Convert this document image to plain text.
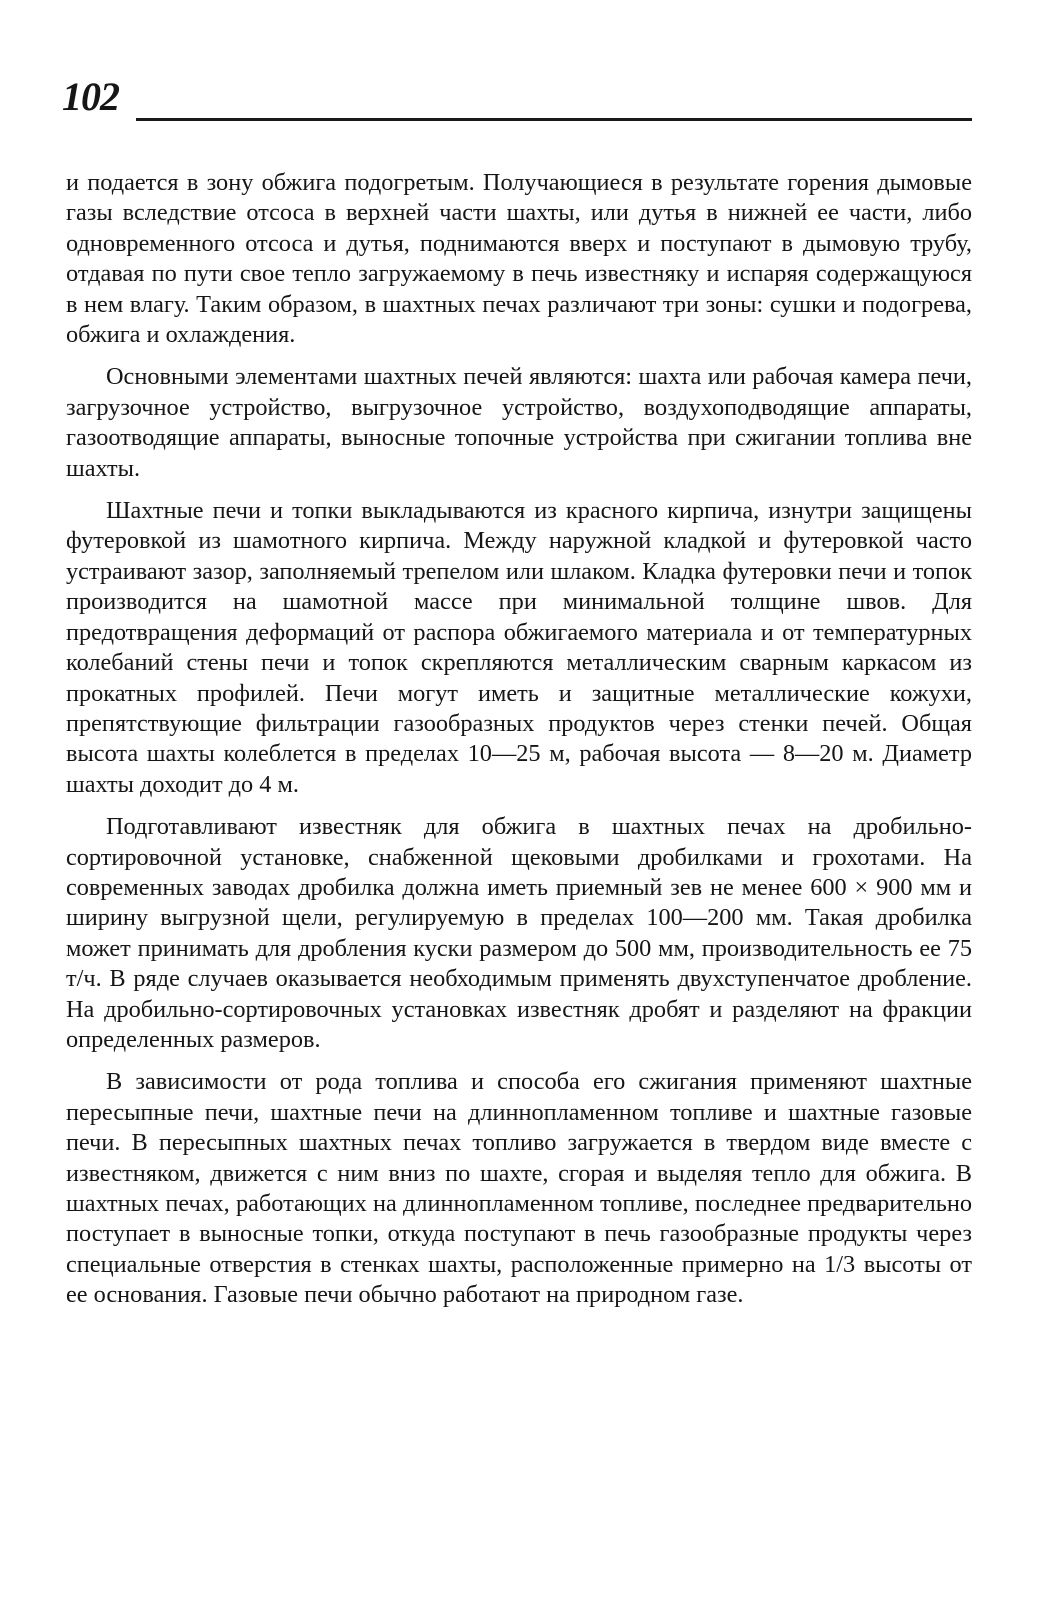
102

и подается в зону обжига подогретым. Получающиеся в результате горения дымовые газы вследствие отсоса в верхней части шахты, или дутья в нижней ее части, либо одновременного отсоса и дутья, поднимаются вверх и поступают в дымовую трубу, отдавая по пути свое тепло загружаемому в печь известняку и испаряя содержащуюся в нем влагу. Таким образом, в шахтных печах различают три зоны: сушки и подогрева, обжига и охлаждения.

Основными элементами шахтных печей являются: шахта или рабочая камера печи, загрузочное устройство, выгрузочное устройство, воздухоподводящие аппараты, газоотводящие аппараты, выносные топочные устройства при сжигании топлива вне шахты.

Шахтные печи и топки выкладываются из красного кирпича, изнутри защищены футеровкой из шамотного кирпича. Между наружной кладкой и футеровкой часто устраивают зазор, заполняемый трепелом или шлаком. Кладка футеровки печи и топок производится на шамотной массе при минимальной толщине швов. Для предотвращения деформаций от распора обжигаемого материала и от температурных колебаний стены печи и топок скрепляются металлическим сварным каркасом из прокатных профилей. Печи могут иметь и защитные металлические кожухи, препятствующие фильтрации газообразных продуктов через стенки печей. Общая высота шахты колеблется в пределах 10—25 м, рабочая высота — 8—20 м. Диаметр шахты доходит до 4 м.

Подготавливают известняк для обжига в шахтных печах на дробильно-сортировочной установке, снабженной щековыми дробилками и грохотами. На современных заводах дробилка должна иметь приемный зев не менее 600 × 900 мм и ширину выгрузной щели, регулируемую в пределах 100—200 мм. Такая дробилка может принимать для дробления куски размером до 500 мм, производительность ее 75 т/ч. В ряде случаев оказывается необходимым применять двухступенчатое дробление. На дробильно-сортировочных установках известняк дробят и разделяют на фракции определенных размеров.

В зависимости от рода топлива и способа его сжигания применяют шахтные пересыпные печи, шахтные печи на длиннопламенном топливе и шахтные газовые печи. В пересыпных шахтных печах топливо загружается в твердом виде вместе с известняком, движется с ним вниз по шахте, сгорая и выделяя тепло для обжига. В шахтных печах, работающих на длиннопламенном топливе, последнее предварительно поступает в выносные топки, откуда поступают в печь газообразные продукты через специальные отверстия в стенках шахты, расположенные примерно на 1/3 высоты от ее основания. Газовые печи обычно работают на природном газе.
